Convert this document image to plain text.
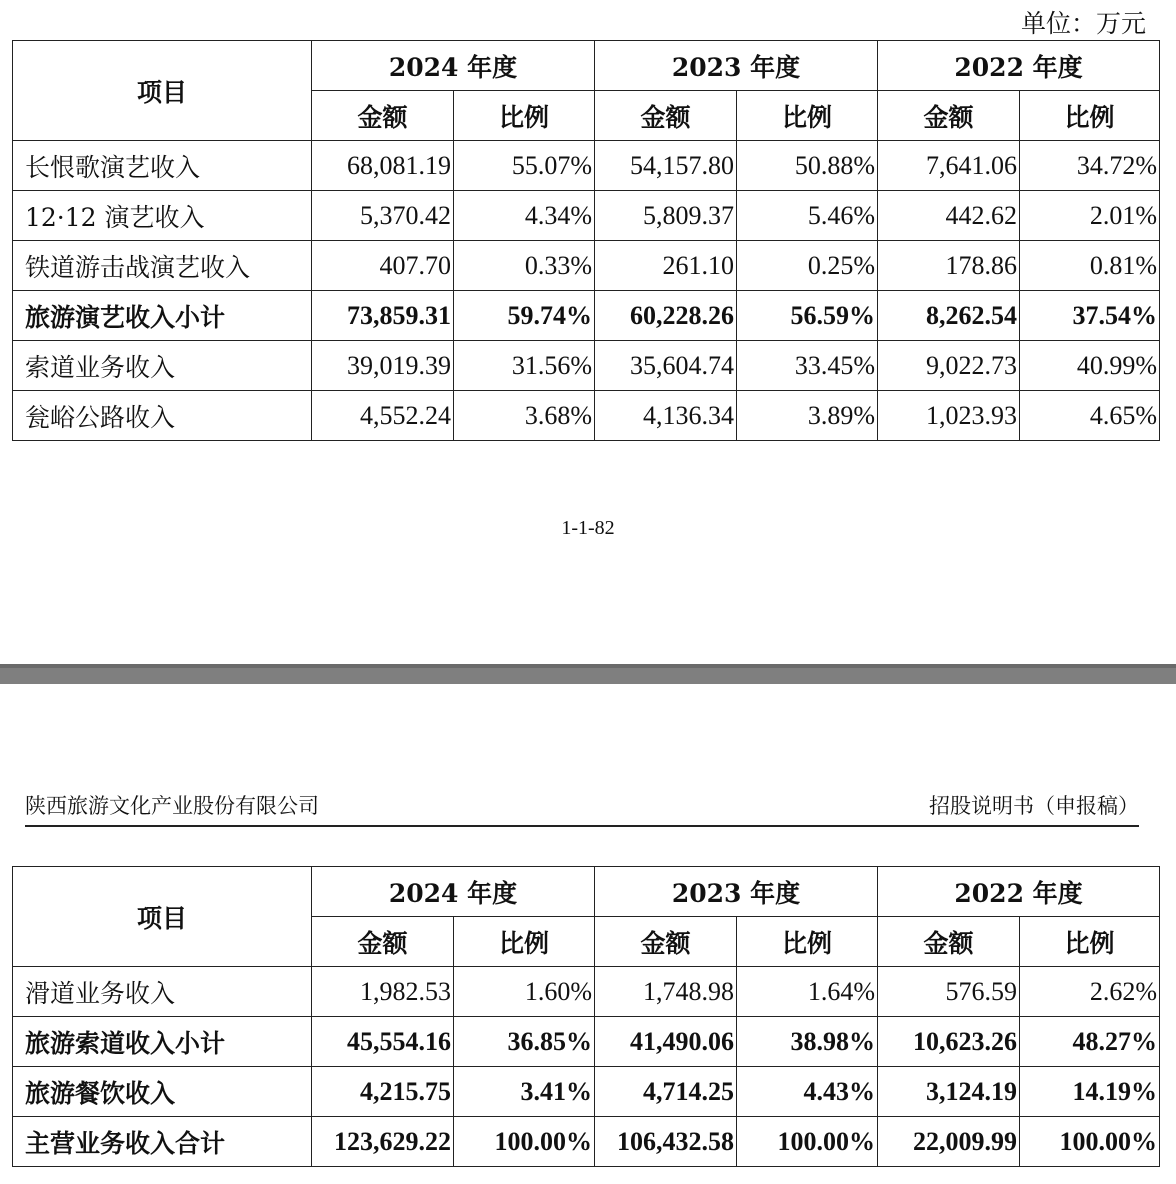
单位：万元
项目	2024 年度		2023 年度		2022 年度	
	金额	比例	金额	比例	金额	比例
长恨歌演艺收入	68,081.19	55.07%	54,157.80	50.88%	7,641.06	34.72%
12·12 演艺收入	5,370.42	4.34%	5,809.37	5.46%	442.62	2.01%
铁道游击战演艺收入	407.70	0.33%	261.10	0.25%	178.86	0.81%
旅游演艺收入小计	73,859.31	59.74%	60,228.26	56.59%	8,262.54	37.54%
索道业务收入	39,019.39	31.56%	35,604.74	33.45%	9,022.73	40.99%
瓮峪公路收入	4,552.24	3.68%	4,136.34	3.89%	1,023.93	4.65%
1-1-82
陕西旅游文化产业股份有限公司	招股说明书（申报稿）
项目	2024 年度		2023 年度		2022 年度	
	金额	比例	金额	比例	金额	比例
滑道业务收入	1,982.53	1.60%	1,748.98	1.64%	576.59	2.62%
旅游索道收入小计	45,554.16	36.85%	41,490.06	38.98%	10,623.26	48.27%
旅游餐饮收入	4,215.75	3.41%	4,714.25	4.43%	3,124.19	14.19%
主营业务收入合计	123,629.22	100.00%	106,432.58	100.00%	22,009.99	100.00%
